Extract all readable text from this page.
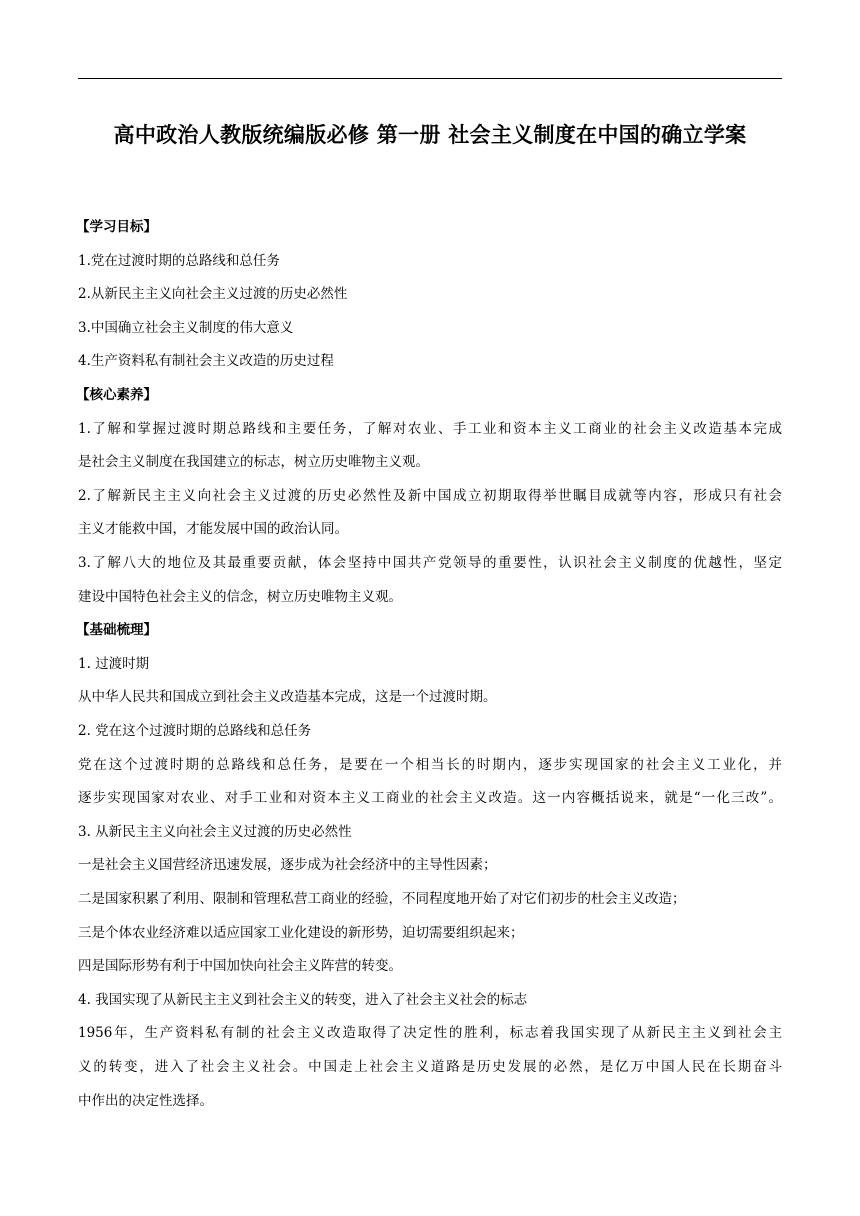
高中政治人教版统编版必修 第一册 社会主义制度在中国的确立学案
【学习目标】
1.党在过渡时期的总路线和总任务
2.从新民主主义向社会主义过渡的历史必然性
3.中国确立社会主义制度的伟大意义
4.生产资料私有制社会主义改造的历史过程
【核心素养】
1.了解和掌握过渡时期总路线和主要任务，了解对农业、手工业和资本主义工商业的社会主义改造基本完成
是社会主义制度在我国建立的标志，树立历史唯物主义观。
2.了解新民主主义向社会主义过渡的历史必然性及新中国成立初期取得举世瞩目成就等内容，形成只有社会
主义才能救中国，才能发展中国的政治认同。
3.了解八大的地位及其最重要贡献，体会坚持中国共产党领导的重要性，认识社会主义制度的优越性，坚定
建设中国特色社会主义的信念，树立历史唯物主义观。
【基础梳理】
1. 过渡时期
从中华人民共和国成立到社会主义改造基本完成，这是一个过渡时期。
2. 党在这个过渡时期的总路线和总任务
党在这个过渡时期的总路线和总任务，是要在一个相当长的时期内，逐步实现国家的社会主义工业化，并
逐步实现国家对农业、对手工业和对资本主义工商业的社会主义改造。这一内容概括说来，就是“一化三改”。
3. 从新民主主义向社会主义过渡的历史必然性
一是社会主义国营经济迅速发展，逐步成为社会经济中的主导性因素；
二是国家积累了利用、限制和管理私营工商业的经验，不同程度地开始了对它们初步的杜会主义改造；
三是个体农业经济难以适应国家工业化建设的新形势，迫切需要组织起来；
四是国际形势有利于中国加快向社会主义阵营的转变。
4. 我国实现了从新民主主义到社会主义的转变，进入了社会主义社会的标志
1956年，生产资料私有制的社会主义改造取得了决定性的胜利，标志着我国实现了从新民主主义到社会主
义的转变，进入了社会主义社会。中国走上社会主义道路是历史发展的必然，是亿万中国人民在长期奋斗
中作出的决定性选择。
